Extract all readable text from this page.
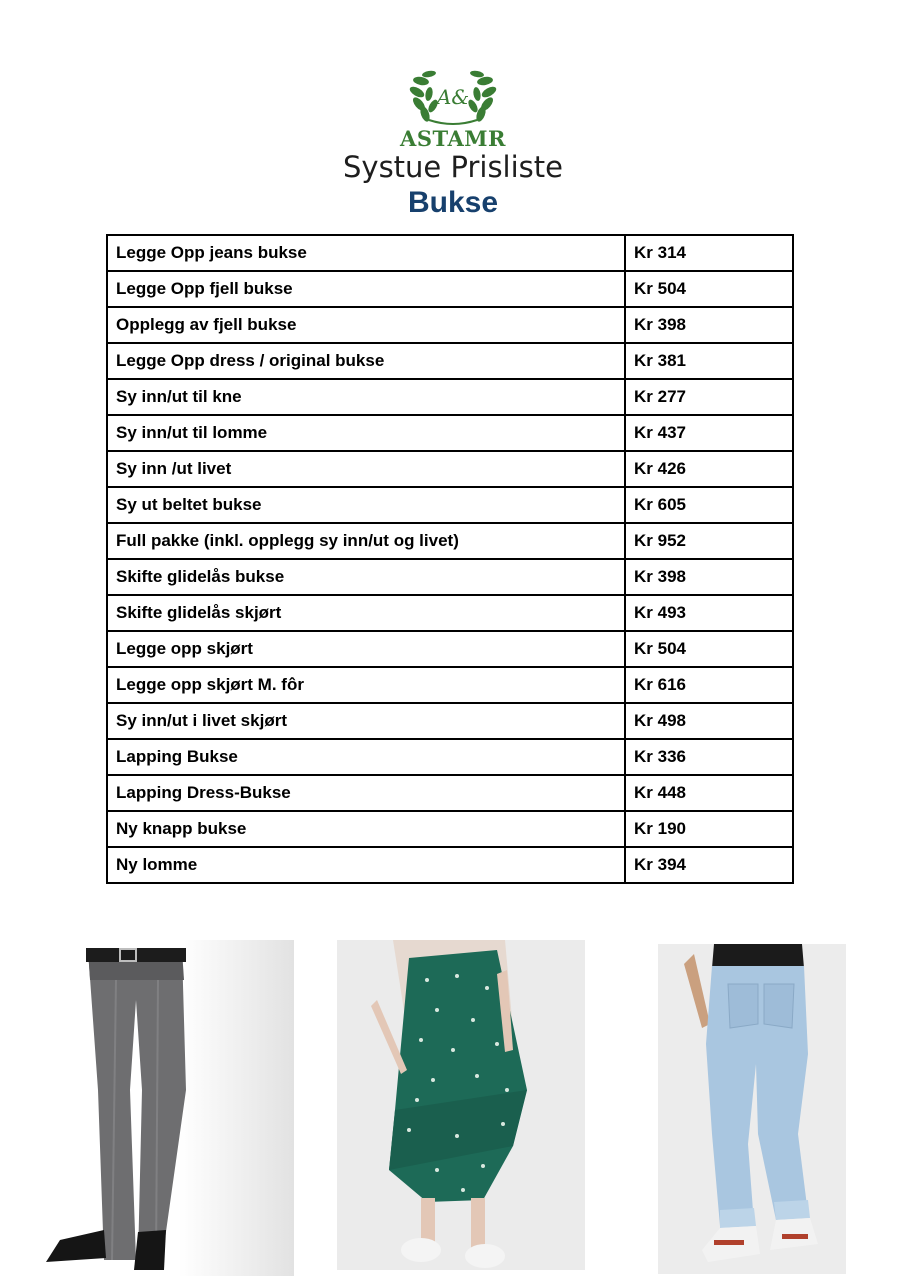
A&
ASTAMR
Systue Prisliste
Bukse
Legge Opp jeans bukse	Kr 314
Legge Opp fjell bukse	Kr 504
Opplegg av fjell bukse	Kr 398
Legge Opp dress / original bukse	Kr 381
Sy inn/ut til kne	Kr 277
Sy inn/ut til lomme	Kr 437
Sy inn /ut livet	Kr 426
Sy ut beltet bukse	Kr 605
Full pakke (inkl. opplegg sy inn/ut og livet)	Kr 952
Skifte glidelås bukse	Kr 398
Skifte glidelås skjørt	Kr 493
Legge opp skjørt	Kr 504
Legge opp skjørt M. fôr	Kr 616
Sy inn/ut i livet skjørt	Kr 498
Lapping Bukse	Kr 336
Lapping Dress-Bukse	Kr 448
Ny knapp bukse	Kr 190
Ny lomme	Kr 394
